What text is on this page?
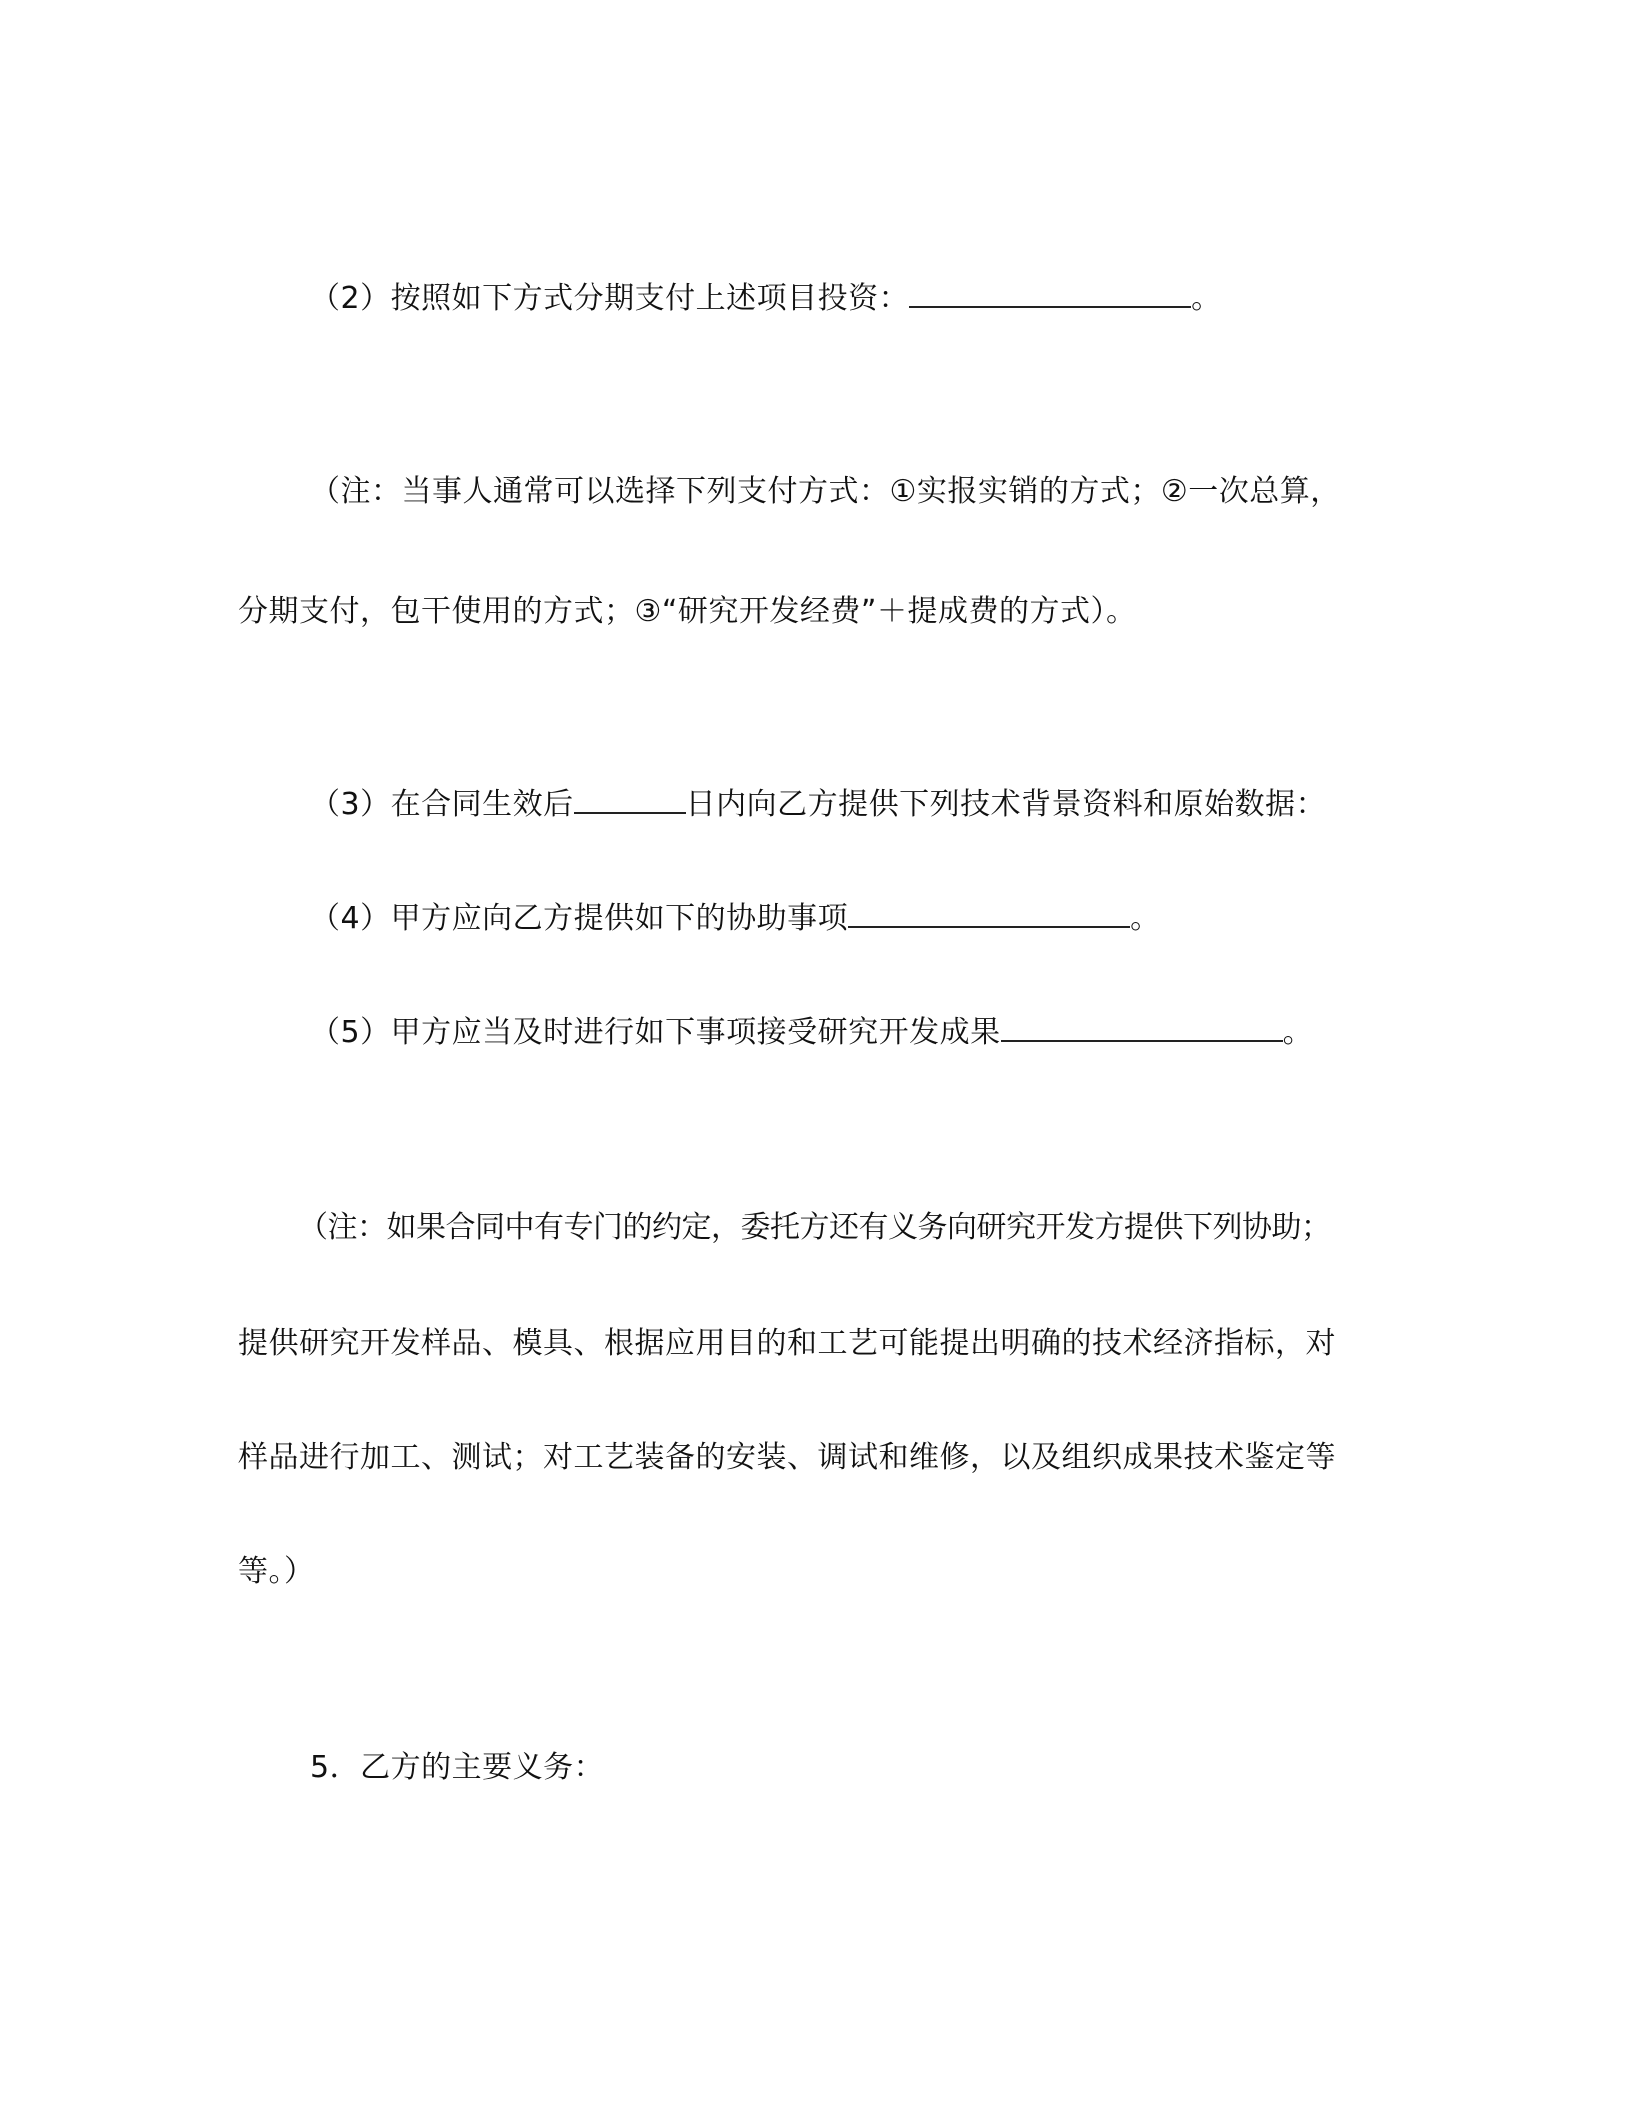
（2）按照如下方式分期支付上述项目投资：	。
（注：当事人通常可以选择下列支付方式：①实报实销的方式；②一次总算，
分期支付，包干使用的方式；③“研究开发经费”＋提成费的方式）。
（3）在合同生效后	日内向乙方提供下列技术背景资料和原始数据：
（4）甲方应向乙方提供如下的协助事项	。
（5）甲方应当及时进行如下事项接受研究开发成果	。
（注：如果合同中有专门的约定，委托方还有义务向研究开发方提供下列协助；
提供研究开发样品、模具、根据应用目的和工艺可能提出明确的技术经济指标，对
样品进行加工、测试；对工艺装备的安装、调试和维修，以及组织成果技术鉴定等
等。）
5．乙方的主要义务：
